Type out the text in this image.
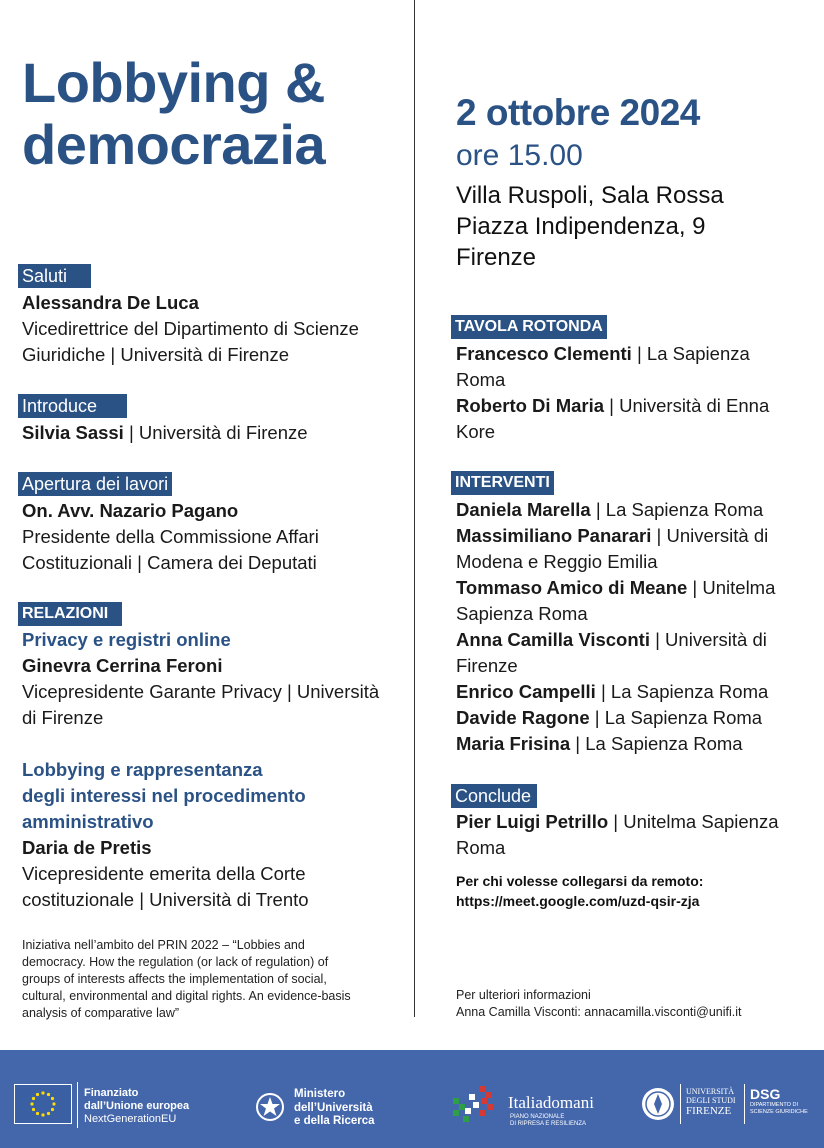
Lobbying &
democrazia
2 ottobre 2024
ore 15.00
Villa Ruspoli, Sala Rossa
Piazza Indipendenza, 9
Firenze
Saluti
Alessandra De Luca
Vicedirettrice del Dipartimento di Scienze
Giuridiche | Università di Firenze
Introduce
Silvia Sassi | Università di Firenze
Apertura dei lavori
On. Avv. Nazario Pagano
Presidente della Commissione Affari
Costituzionali | Camera dei Deputati
RELAZIONI
Privacy e registri online
Ginevra Cerrina Feroni
Vicepresidente Garante Privacy | Università
di Firenze
Lobbying e rappresentanza
degli interessi nel procedimento
amministrativo
Daria de Pretis
Vicepresidente emerita della Corte
costituzionale | Università di Trento
Iniziativa nell’ambito del PRIN 2022 – “Lobbies and
democracy. How the regulation (or lack of regulation) of
groups of interests affects the implementation of social,
cultural, environmental and digital rights. An evidence-basis
analysis of comparative law”
TAVOLA ROTONDA
Francesco Clementi | La Sapienza
Roma
Roberto Di Maria | Università di Enna
Kore
INTERVENTI
Daniela Marella | La Sapienza Roma
Massimiliano Panarari | Università di
Modena e Reggio Emilia
Tommaso Amico di Meane | Unitelma
Sapienza Roma
Anna Camilla Visconti | Università di
Firenze
Enrico Campelli | La Sapienza Roma
Davide Ragone | La Sapienza Roma
Maria Frisina | La Sapienza Roma
Conclude
Pier Luigi Petrillo | Unitelma Sapienza
Roma
Per chi volesse collegarsi da remoto:
https://meet.google.com/uzd-qsir-zja
Per ulteriori informazioni
Anna Camilla Visconti: annacamilla.visconti@unifi.it
Finanziato
dall’Unione europea
NextGenerationEU
Ministero
dell’Università
e della Ricerca
Italiadomani
PIANO NAZIONALE
DI RIPRESA E RESILIENZA
UNIVERSITÀ
DEGLI STUDI
FIRENZE
DSG
DIPARTIMENTO DI
SCIENZE GIURIDICHE
